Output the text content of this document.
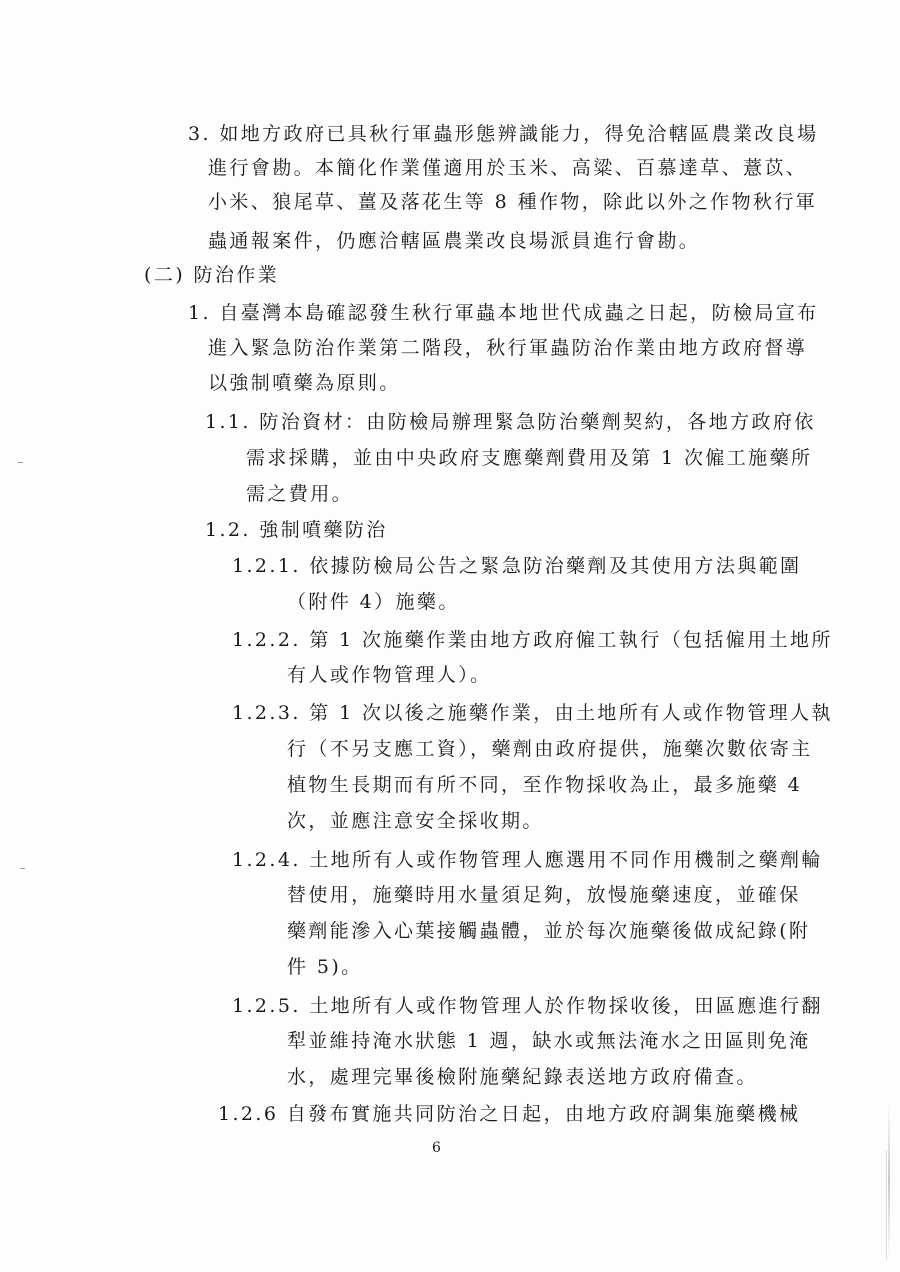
3. 如地方政府已具秋行軍蟲形態辨識能力，得免洽轄區農業改良場
進行會勘。本簡化作業僅適用於玉米、高粱、百慕達草、薏苡、
小米、狼尾草、薑及落花生等 8 種作物，除此以外之作物秋行軍
蟲通報案件，仍應洽轄區農業改良場派員進行會勘。
(二) 防治作業
1. 自臺灣本島確認發生秋行軍蟲本地世代成蟲之日起，防檢局宣布
進入緊急防治作業第二階段，秋行軍蟲防治作業由地方政府督導
以強制噴藥為原則。
1.1. 防治資材：由防檢局辦理緊急防治藥劑契約，各地方政府依
需求採購，並由中央政府支應藥劑費用及第 1 次僱工施藥所
需之費用。
1.2. 強制噴藥防治
1.2.1. 依據防檢局公告之緊急防治藥劑及其使用方法與範圍
（附件 4）施藥。
1.2.2. 第 1 次施藥作業由地方政府僱工執行（包括僱用土地所
有人或作物管理人）。
1.2.3. 第 1 次以後之施藥作業，由土地所有人或作物管理人執
行（不另支應工資），藥劑由政府提供，施藥次數依寄主
植物生長期而有所不同，至作物採收為止，最多施藥 4
次，並應注意安全採收期。
1.2.4. 土地所有人或作物管理人應選用不同作用機制之藥劑輪
替使用，施藥時用水量須足夠，放慢施藥速度，並確保
藥劑能滲入心葉接觸蟲體，並於每次施藥後做成紀錄(附
件 5)。
1.2.5. 土地所有人或作物管理人於作物採收後，田區應進行翻
犁並維持淹水狀態 1 週，缺水或無法淹水之田區則免淹
水，處理完畢後檢附施藥紀錄表送地方政府備查。
1.2.6 自發布實施共同防治之日起，由地方政府調集施藥機械
6
